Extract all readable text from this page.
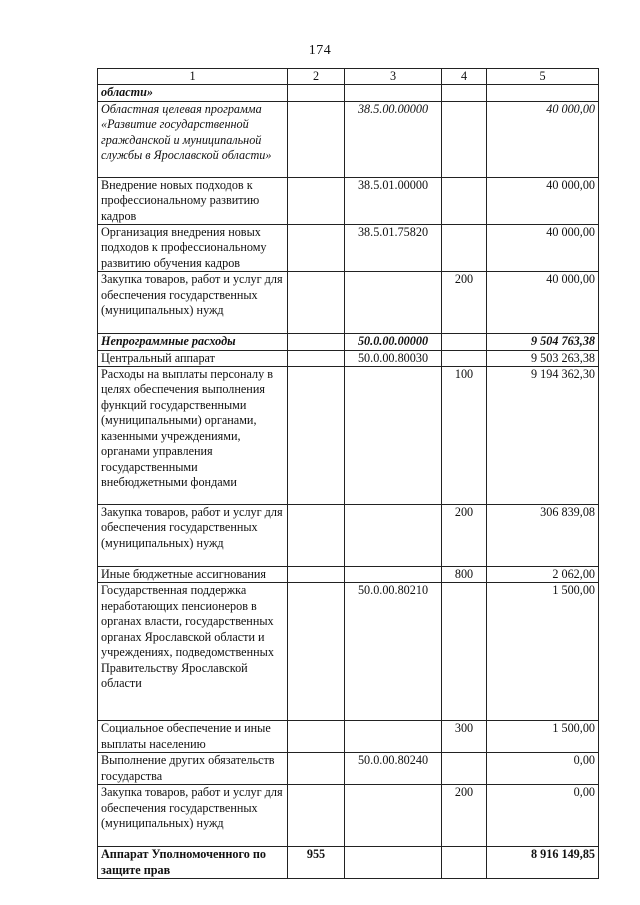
174
1	2	3	4	5
области»				
Областная целевая программа «Развитие государственной гражданской и муниципальной службы в Ярославской области»		38.5.00.00000		40 000,00
Внедрение новых подходов к профессиональному развитию кадров		38.5.01.00000		40 000,00
Организация внедрения новых подходов к профессиональному развитию обучения кадров		38.5.01.75820		40 000,00
Закупка товаров, работ и услуг для обеспечения государственных (муниципальных) нужд			200	40 000,00
Непрограммные расходы		50.0.00.00000		9 504 763,38
Центральный аппарат		50.0.00.80030		9 503 263,38
Расходы на выплаты персоналу в целях обеспечения выполнения функций государственными (муниципальными) органами, казенными учреждениями, органами управления государственными внебюджетными фондами			100	9 194 362,30
Закупка товаров, работ и услуг для обеспечения государственных (муниципальных) нужд			200	306 839,08
Иные бюджетные ассигнования			800	2 062,00
Государственная поддержка неработающих пенсионеров в органах власти, государственных органах Ярославской области и учреждениях, подведомственных Правительству Ярославской области		50.0.00.80210		1 500,00
Социальное обеспечение и иные выплаты населению			300	1 500,00
Выполнение других обязательств государства		50.0.00.80240		0,00
Закупка товаров, работ и услуг для обеспечения государственных (муниципальных) нужд			200	0,00
Аппарат Уполномоченного по защите прав	955			8 916 149,85
